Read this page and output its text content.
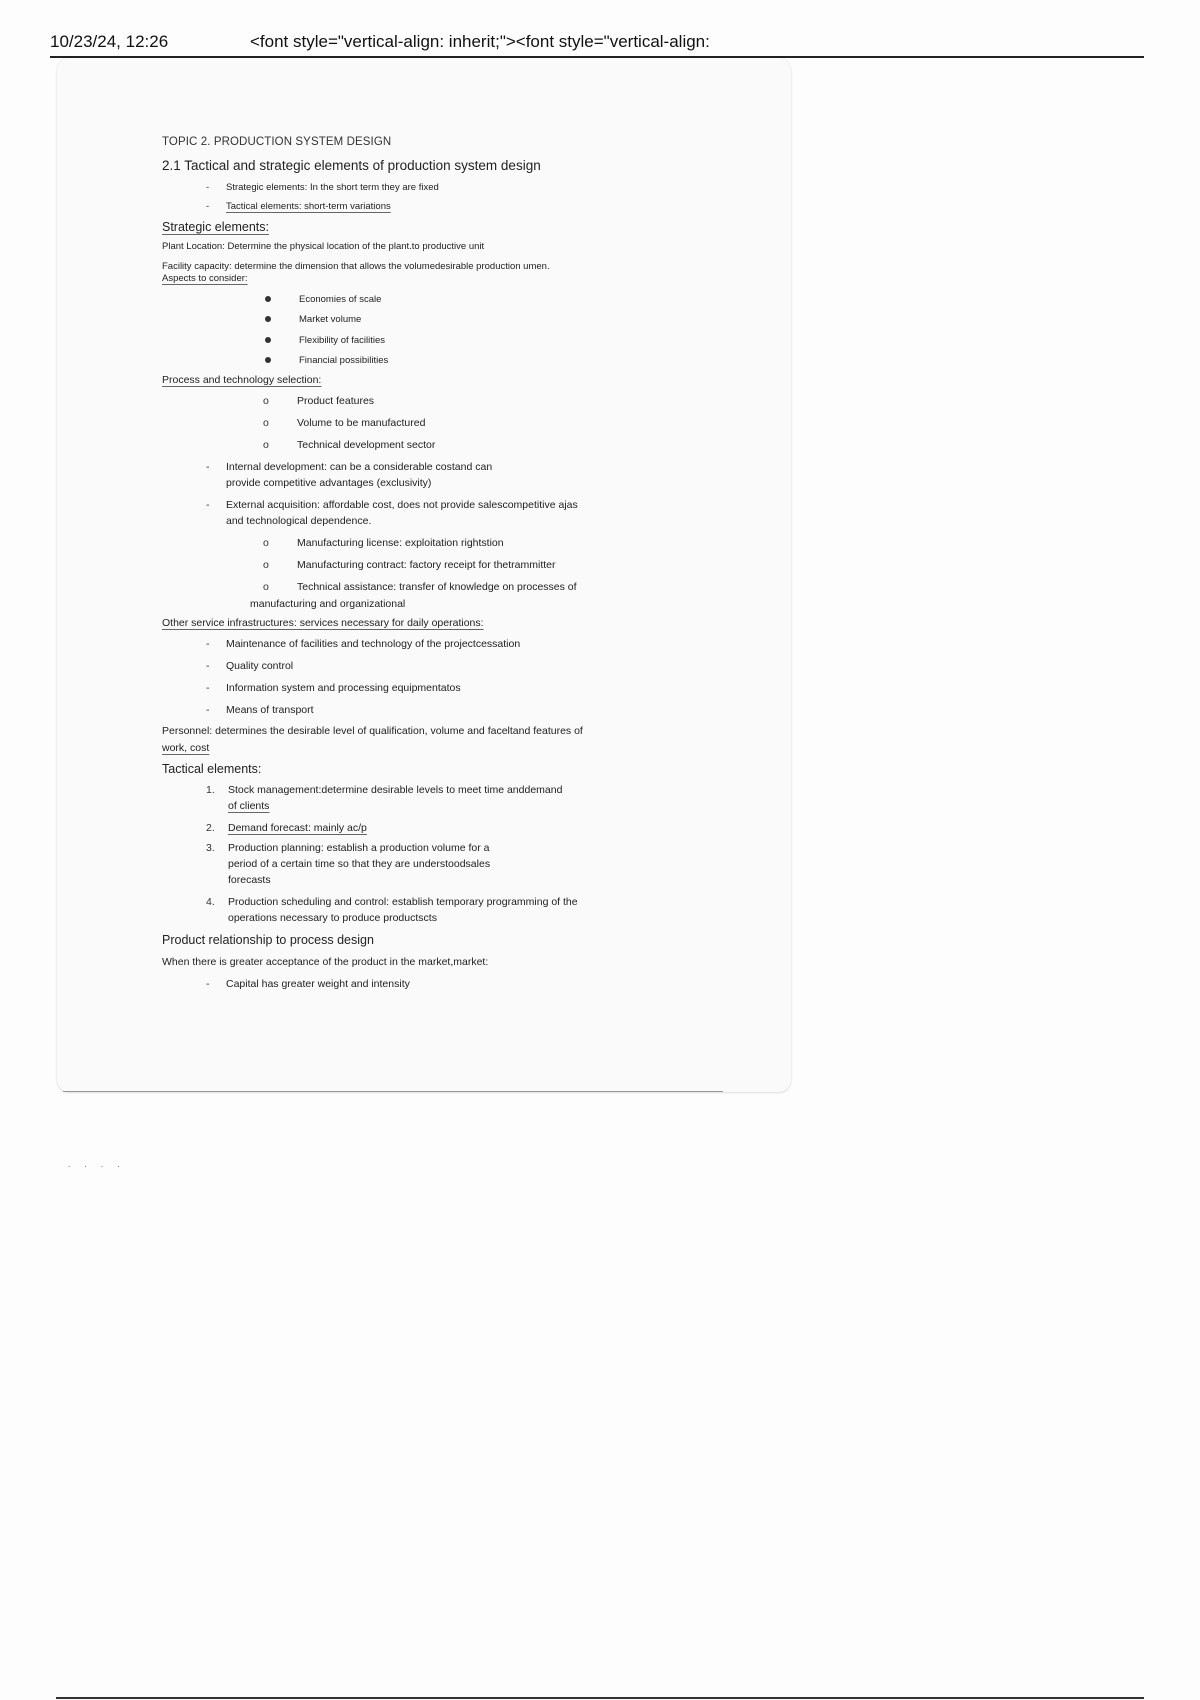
10/23/24, 12:26	<font style="vertical-align: inherit;"><font style="vertical-align:
TOPIC 2. PRODUCTION SYSTEM DESIGN
2.1 Tactical and strategic elements of production system design
- Strategic elements: In the short term they are fixed
- Tactical elements: short-term variations
Strategic elements:
Plant Location: Determine the physical location of the plant.to productive unit
Facility capacity: determine the dimension that allows the volumedesirable production umen.
Aspects to consider:
Economies of scale
Market volume
Flexibility of facilities
Financial possibilities
Process and technology selection:
o	Product features
o	Volume to be manufactured
o	Technical development sector
- Internal development: can be a considerable costand can
provide competitive advantages (exclusivity)
- External acquisition: affordable cost, does not provide salescompetitive ajas
and technological dependence.
o	Manufacturing license: exploitation rightstion
o	Manufacturing contract: factory receipt for thetrammitter
o	Technical assistance: transfer of knowledge on processes of
manufacturing and organizational
Other service infrastructures: services necessary for daily operations:
- Maintenance of facilities and technology of the projectcessation
- Quality control
- Information system and processing equipmentatos
- Means of transport
Personnel: determines the desirable level of qualification, volume and faceltand features of
work, cost
Tactical elements:
1. Stock management:determine desirable levels to meet time anddemand
of clients
2. Demand forecast: mainly ac/p
3. Production planning: establish a production volume for a
period of a certain time so that they are understoodsales
forecasts
4. Production scheduling and control: establish temporary programming of the
operations necessary to produce productscts
Product relationship to process design
When there is greater acceptance of the product in the market,market:
- Capital has greater weight and intensity
. . . .
